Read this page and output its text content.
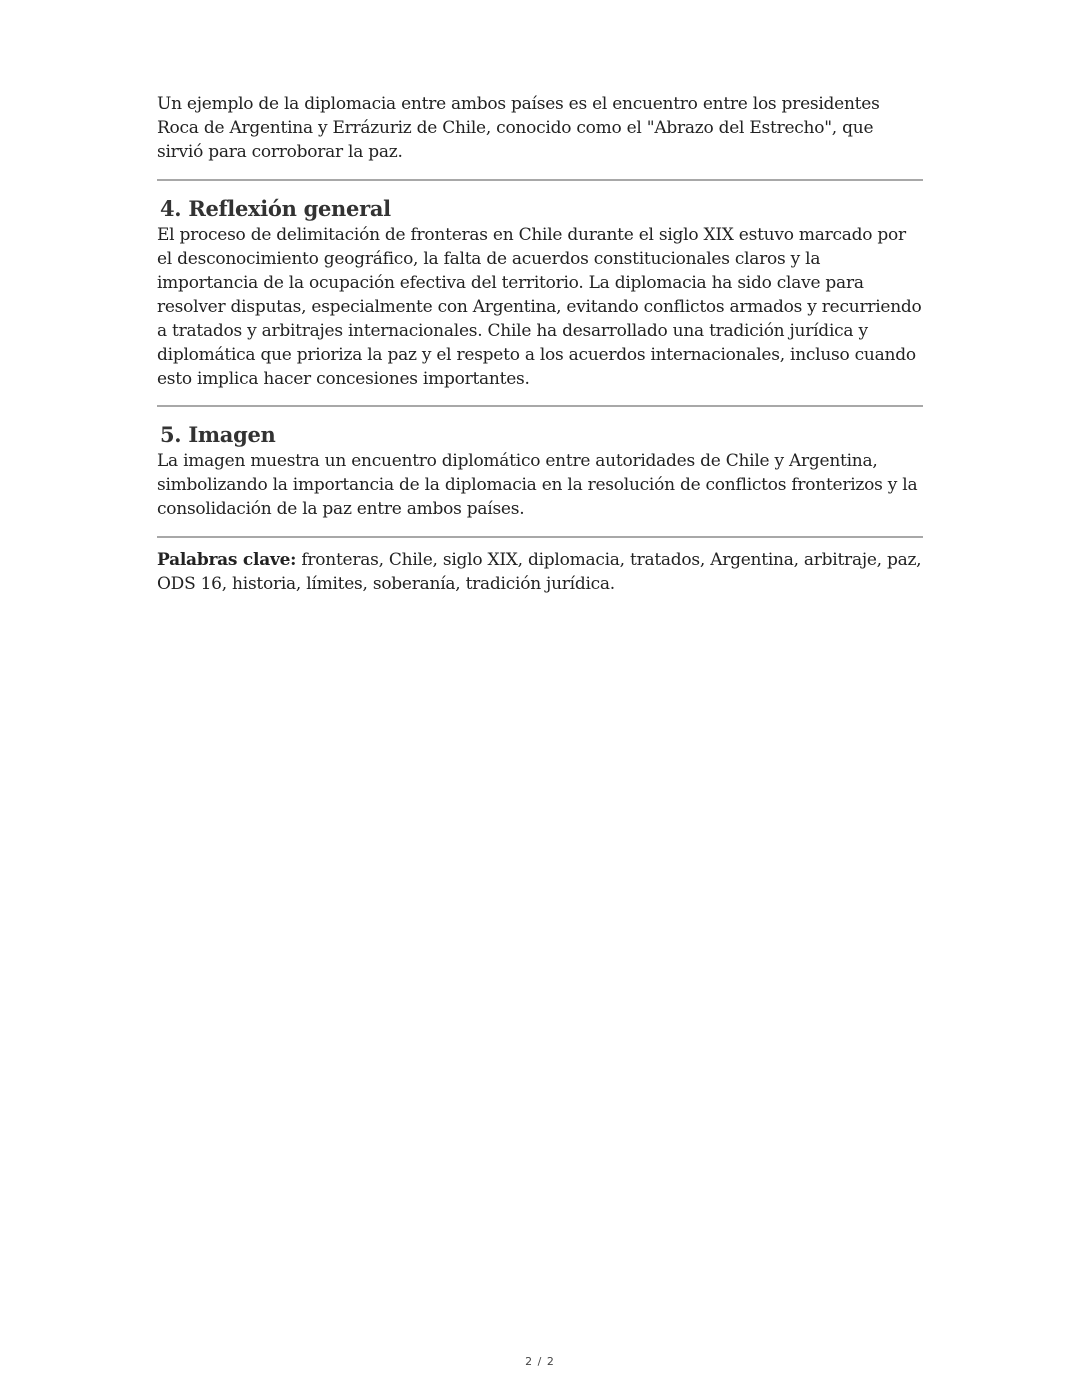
Un ejemplo de la diplomacia entre ambos países es el encuentro entre los presidentes Roca de Argentina y Errázuriz de Chile, conocido como el "Abrazo del Estrecho", que sirvió para corroborar la paz.

4. Reflexión general

El proceso de delimitación de fronteras en Chile durante el siglo XIX estuvo marcado por el desconocimiento geográfico, la falta de acuerdos constitucionales claros y la importancia de la ocupación efectiva del territorio. La diplomacia ha sido clave para resolver disputas, especialmente con Argentina, evitando conflictos armados y recurriendo a tratados y arbitrajes internacionales. Chile ha desarrollado una tradición jurídica y diplomática que prioriza la paz y el respeto a los acuerdos internacionales, incluso cuando esto implica hacer concesiones importantes.

5. Imagen

La imagen muestra un encuentro diplomático entre autoridades de Chile y Argentina, simbolizando la importancia de la diplomacia en la resolución de conflictos fronterizos y la consolidación de la paz entre ambos países.

Palabras clave: fronteras, Chile, siglo XIX, diplomacia, tratados, Argentina, arbitraje, paz, ODS 16, historia, límites, soberanía, tradición jurídica.

2 / 2
